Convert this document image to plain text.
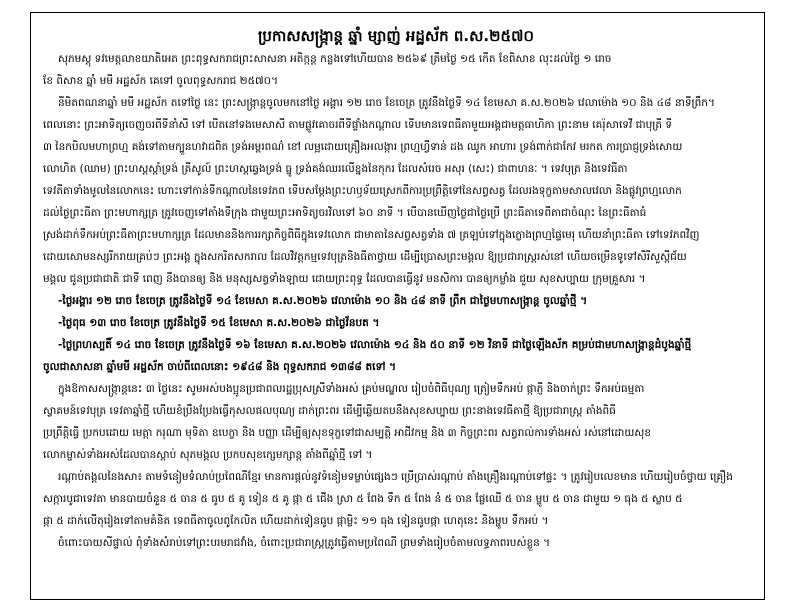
ប្រកាសសង្រ្កាន្ត ឆ្នាំ ម្សាញ់ អដ្ឋស័ក ព.ស.២៥៧០
សុភមស្តុ ទវមេត្តលាខយាតិអេត ព្រះពុទ្ធសករាជព្រះសាសនា អតិក្កន្ត កន្លងទៅហើយបាន ២៥៦៩ ត្រឹមថ្ងៃ ១៥ កើត ខែពិសាខ លុះដល់ថ្ងៃ ១ រោច
ខែ ពិសាខ ឆ្នាំ មមី អដ្ឋស័ក គេទៅ ចូលពុទ្ធសករាជ ២៥៧០។
នីមិតពណនាឆ្នាំ មមី អដ្ឋស័ក តទៅថ្ងៃ នេះ ព្រះសង្ក្រាន្តចូលមកនៅថ្ងៃ អង្គារ ១២ រោច ខែចេត្រ ត្រូវនឹងថ្ងៃទី ១៤ ខែមេសា គ.ស.២០២៦ វេលាម៉ោង ១០ និង ៤៨ នាទីព្រឹក។
ពេលនោះ ព្រះអាទិត្យចេញចរពីទីនាំសី ទៅ បើតនៅទងមេសាសី តាមផ្លូវគោចរពីទីផ្ទាំងកណ្តាល ទើបមានទេពធីតាមួយអង្គជាមត្តធាហិកា ព្រះនាម គេរ៉ុសាទេវី ជាបុត្រី ទី
៣ នៃកបិលមហាព្រហ្ម គង់ទៅតាមក្បួនហវាជពិត ទ្រង់អម្ពរពណ៌ ខៅ លម្អដោយគ្រឿងអលង្ការ ព្រហ្មហ្វីទាន់ ដង ឈូក អាហារ ទ្រង់ពាក់ជាកែវ មរកត ការប្រាជ្ញទ្រង់សោយ
លោហិត (ឈាម) ព្រះហស្តស្តាំទ្រង់ ត្រីសូល៍ ព្រះហស្តឆ្វេងទ្រង់ ធ្នូ ទ្រង់គង់ឈរលើខ្នងនៃកុករ ដែលសំរេច អសុរ (សេះ) ជាពាហនៈ ។ ទេវបុត្រ និងទេវធីតា
ទេវតីតាទាំងមូលនៃលោកនេះ ហោះទៅកាន់ទីកណ្តាលនៃទេវភព ទើបសម្តែងព្រះហឫទ័យស្រេកពីការប្រព្រឹត្តិទៅនៃសព្វសត្វ ដែលរងទុក្ខតាមសាលវេលា និងផ្លូវព្រហ្មលោក
ដល់ថ្ងៃព្រះធីតា ព្រះមហាក្សត្រ ត្រូវចេញទៅតាំងទីក្រុង ជាមួយព្រះអាទិត្យចរវិលទៅ ៦០ នាទី ។ បើបានឃើញថ្ងៃជាថ្ងៃប្រើ ព្រះធីតាទេពីតាជាចំណុះ នៃព្រះធីតាធំ
ស្រង់ដាក់ទឹកអប់ព្រះធីតាព្រះមហាក្សត្រ ដែលមាននិងការរក្សាកិច្ចពិធីក្នុងទេវលោក ជាមាតានៃសព្វសត្វទាំង ៧ ត្រឡប់ទៅក្នុងក្លោងព្រហ្មផ្ទៃមេរុ ហើយនាំព្រះធីតា ទៅទេវភពវិញ
ដោយសោមនស្សរីករាយគ្រប់ៗ ព្រះអង្គ ក្នុងសករិតសករាល ដែលវិវត្តកម្មទេវបុត្រនិងធីតាថ្វាយ ដើម្បីប្រោសព្រះមង្គល ឱ្យប្រជារាស្ត្ររស់នៅ ហើយចម្រើនទូទៅសិរីសួស្តីជ័យ
មង្គល ជូនប្រជាជាតិ ជាទី ពេញ នឹងបានឲ្យ និង មនុស្សសត្វទាំងឡាយ ដោយព្រះពុទ្ធ ដែលបានធ្វើនូវ មនសិការ បានឲ្យកម្លាំង ជួយ សុខសប្បាយ ក្រុមគ្រួសារ ។
-ថ្ងៃអង្គារ ១២ រោច ខែចេត្រ ត្រូវនឹងថ្ងៃទី ១៤ ខែមេសា គ.ស.២០២៦ វេលាម៉ោង ១០ និង ៤៨ នាទី ព្រឹក ជាថ្ងៃមហាសង្ក្រាន្ត ចូលឆ្នាំថ្មី ។
-ថ្ងៃពុធ ១៣ រោច ខែចេត្រ ត្រូវនឹងថ្ងៃទី ១៥ ខែមេសា គ.ស.២០២៦ ជាថ្ងៃវ័នបត ។
-ថ្ងៃព្រហស្បតិ៍ ១៤ រោច ខែចេត្រ ត្រូវនឹងថ្ងៃទី ១៦ ខែមេសា គ.ស.២០២៦ វេលាម៉ោង ១៤ និង ៥០ នាទី ១២ វិនាទី ជាថ្ងៃឡើងស័ក គម្រប់ជាមហាសង្ក្រាន្តដំបូងឆ្នាំថ្មី
ចូលជាសាសនា ឆ្នាំមមី អដ្ឋស័ក ចាប់ពីពេលនោះ ១៩៤៨ និង ពុទ្ធសករាជ ១៣៨៨ តទៅ ។
ក្នុងឱកាសសង្ក្រាន្តនេះ ៣ ថ្ងៃនេះ សូមអស់បងប្អូនប្រជាពលរដ្ឋប្រុសស្រីទាំងអស់ គ្រប់មណ្ឌល រៀបចំពិធីបុណ្យ ត្រៀមទឹកអប់ ផ្កាភ្ញី និងចាក់ព្រះ ទឹកអប់ធម្មតា
ស្វាគមន៍ទេវបុត្រ ទេវតាឆ្នាំថ្មី ហើយខំប្រឹងប្រែងធ្វើកុសលផលបុណ្យ ដាក់ព្រះពរ ដើម្បីឆ្លើយតបនឹងសុខសប្បាយ ព្រះនាងទេវធីតាថ្មី ឱ្យប្រជារាស្ត្រ តាំងពិធី
ប្រព្រឹត្តិធ្វើ ប្រកបដោយ មេត្តា ករុណា មុទិតា ឧបេក្ខា និង បញ្ញា ដើម្បីឲ្យសុខទុក្ខទៅជាសម្បត្តិ អាជីវកម្ម និង ៣ កិច្ចព្រះពរ សត្វរាល់ការទាំងអស់ រស់នៅដោយសុខ
លោកម្ចាស់ទាំងអស់ដែលបានស្តាប់ សុភមង្គល ប្រកបសុខក្សេមក្សាន្ត តាំងពីឆ្នាំថ្មី ទៅ ។
រណ្តាប់តង្គលនៃងសា៖ ​តាមទំនៀមទំលាប់ប្រពៃណីខ្មែរ មានការផ្តល់នូវទំនៀមទម្លាប់ផ្សេងៗ ប្រើប្រាស់រណ្តាប់ តាំងគ្រឿងរណ្តាប់ទៅផ្ទះ ។ ត្រូវរៀបលេខមាន ហើយរៀបចំថ្វាយ គ្រឿង
សក្ការបូជាទេវតា មានបាយចំនួន ៥ ចាន ៥ ធូប ៥ គូ ទៀន ៥ គូ ផ្កា ៥ ជើង ស្រា ៥ ពែង ទឹក ៥ ពែង នំ ៥ ចាន ផ្លែឈើ ៥ ចាន ម្ហូប ៥ ចាន ជាមួយ ១ ធុង ៥ ស្លាប ៥
ផ្កា ៥ ដាក់លើតុរៀងទៅតាមគំនិត ទេពធីតាចូលពូកែលិត ហើយដាក់ទៀនធូប ផ្កាម្លិះ ១១ ធុង ទៀនធូបផ្កា ហេតុនេះ និងម្ហូប ទឹកអប់ ។
ចំពោះបាយសីផ្ទាល់ ពុំទាំងសំរាប់ទៅព្រះបរមរាជវាំង, ចំពោះប្រជារាស្ត្រត្រូវធ្វើតាមប្រពៃណី ព្រមទាំងរៀបចំតាមលទ្ធភាពរបស់ខ្លួន ។
